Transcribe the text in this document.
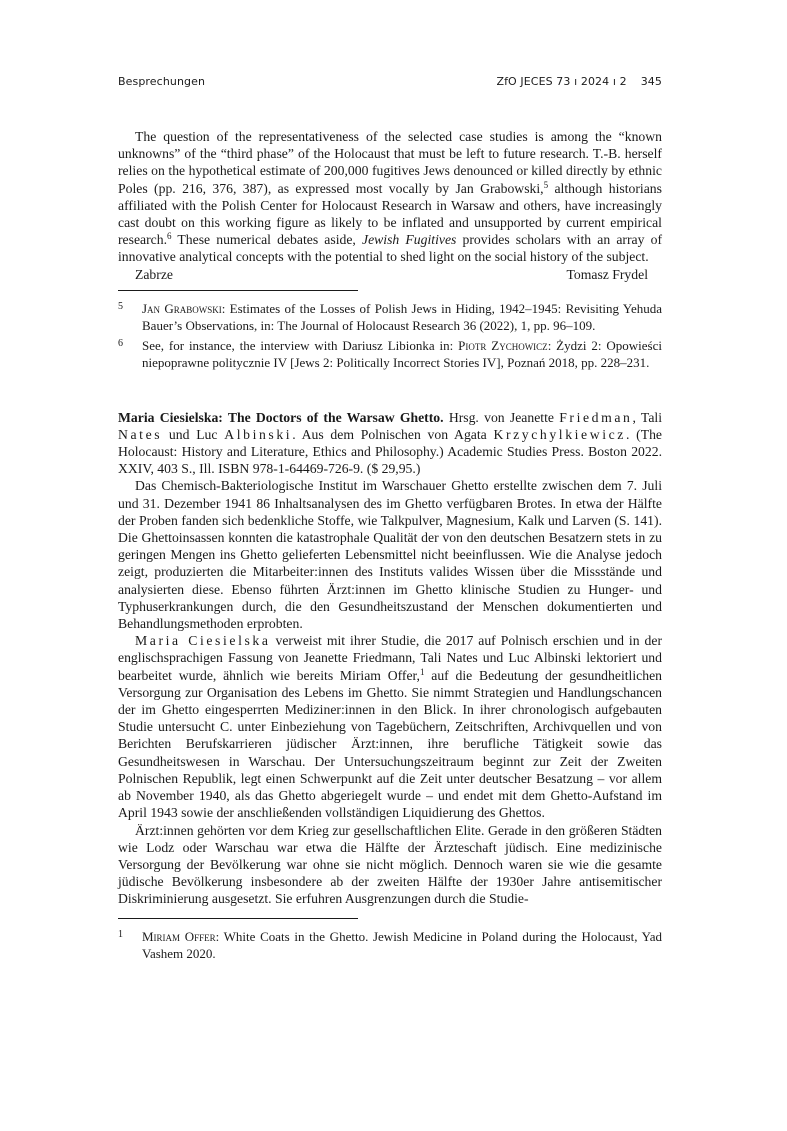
Besprechungen	ZfO JECES 73 ı 2024 ı 2 345

The question of the representativeness of the selected case studies is among the “known unknowns” of the “third phase” of the Holocaust that must be left to future research. T.-B. herself relies on the hypothetical estimate of 200,000 fugitives Jews denounced or killed directly by ethnic Poles (pp. 216, 376, 387), as expressed most vocally by Jan Grabowski,$^5$ although historians affiliated with the Polish Center for Holocaust Research in Warsaw and others, have increasingly cast doubt on this working figure as likely to be inflated and unsupported by current empirical research.$^6$ These numerical debates aside, Jewish Fugitives provides scholars with an array of innovative analytical concepts with the potential to shed light on the social history of the subject.

Zabrze	Tomasz Frydel
5 Jan Grabowski: Estimates of the Losses of Polish Jews in Hiding, 1942–1945: Revisiting Yehuda Bauer’s Observations, in: The Journal of Holocaust Research 36 (2022), 1, pp. 96–109.
6 See, for instance, the interview with Dariusz Libionka in: Piotr Zychowicz: Żydzi 2: Opowieści niepoprawne politycznie IV [Jews 2: Politically Incorrect Stories IV], Poznań 2018, pp. 228–231.

Maria Ciesielska: The Doctors of the Warsaw Ghetto. Hrsg. von Jeanette Friedman, Tali Nates und Luc Albinski. Aus dem Polnischen von Agata Krzychylkiewicz. (The Holocaust: History and Literature, Ethics and Philosophy.) Academic Studies Press. Boston 2022. XXIV, 403 S., Ill. ISBN 978-1-64469-726-9. ($ 29,95.)

Das Chemisch-Bakteriologische Institut im Warschauer Ghetto erstellte zwischen dem 7. Juli und 31. Dezember 1941 86 Inhaltsanalysen des im Ghetto verfügbaren Brotes. In etwa der Hälfte der Proben fanden sich bedenkliche Stoffe, wie Talkpulver, Magnesium, Kalk und Larven (S. 141). Die Ghettoinsassen konnten die katastrophale Qualität der von den deutschen Besatzern stets in zu geringen Mengen ins Ghetto gelieferten Lebensmittel nicht beeinflussen. Wie die Analyse jedoch zeigt, produzierten die Mitarbeiter:innen des Instituts valides Wissen über die Missstände und analysierten diese. Ebenso führten Ärzt:innen im Ghetto klinische Studien zu Hunger- und Typhuserkrankungen durch, die den Gesundheitszustand der Menschen dokumentierten und Behandlungsmethoden erprobten.

Maria Ciesielska verweist mit ihrer Studie, die 2017 auf Polnisch erschien und in der englischsprachigen Fassung von Jeanette Friedmann, Tali Nates und Luc Albinski lektoriert und bearbeitet wurde, ähnlich wie bereits Miriam Offer,$^1$ auf die Bedeutung der gesundheitlichen Versorgung zur Organisation des Lebens im Ghetto. Sie nimmt Strategien und Handlungschancen der im Ghetto eingesperrten Mediziner:innen in den Blick. In ihrer chronologisch aufgebauten Studie untersucht C. unter Einbeziehung von Tagebüchern, Zeitschriften, Archivquellen und von Berichten Berufskarrieren jüdischer Ärzt:innen, ihre berufliche Tätigkeit sowie das Gesundheitswesen in Warschau. Der Untersuchungszeitraum beginnt zur Zeit der Zweiten Polnischen Republik, legt einen Schwerpunkt auf die Zeit unter deutscher Besatzung – vor allem ab November 1940, als das Ghetto abgeriegelt wurde – und endet mit dem Ghetto-Aufstand im April 1943 sowie der anschließenden vollständigen Liquidierung des Ghettos.

Ärzt:innen gehörten vor dem Krieg zur gesellschaftlichen Elite. Gerade in den größeren Städten wie Lodz oder Warschau war etwa die Hälfte der Ärzteschaft jüdisch. Eine medizinische Versorgung der Bevölkerung war ohne sie nicht möglich. Dennoch waren sie wie die gesamte jüdische Bevölkerung insbesondere ab der zweiten Hälfte der 1930er Jahre antisemitischer Diskriminierung ausgesetzt. Sie erfuhren Ausgrenzungen durch die Studie-

1 Miriam Offer: White Coats in the Ghetto. Jewish Medicine in Poland during the Holocaust, Yad Vashem 2020.
